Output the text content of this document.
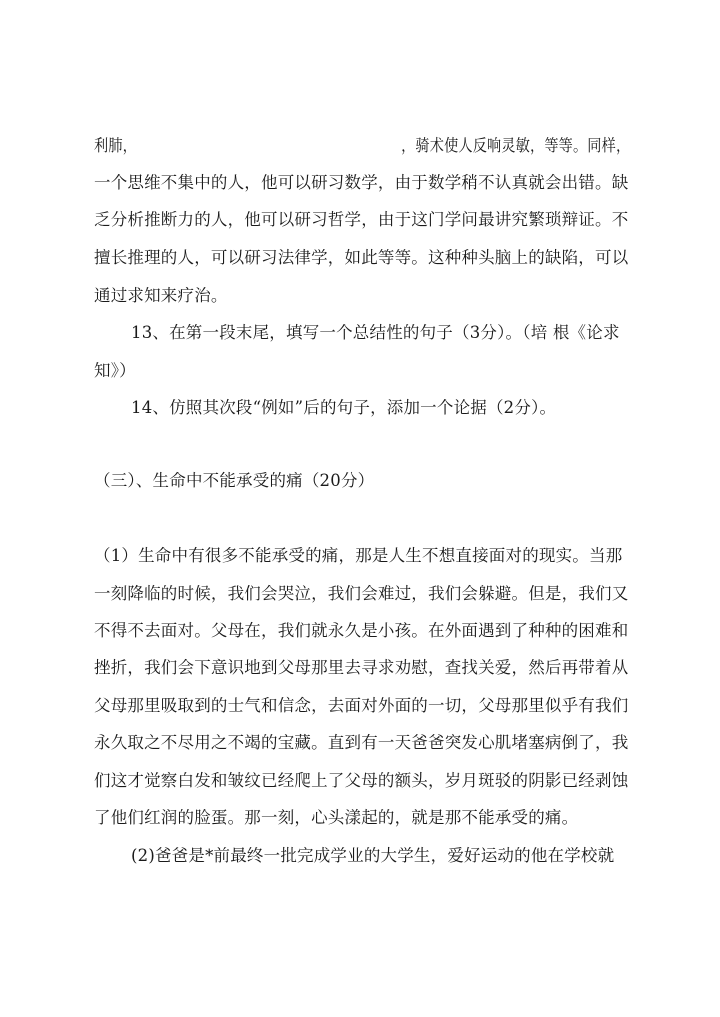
利肺，	，骑术使人反响灵敏，等等。同样，
一个思维不集中的人，他可以研习数学，由于数学稍不认真就会出错。缺
乏分析推断力的人，他可以研习哲学，由于这门学问最讲究繁琐辩证。不
擅长推理的人，可以研习法律学，如此等等。这种种头脑上的缺陷，可以
通过求知来疗治。
13、在第一段末尾，填写一个总结性的句子（3分）。（培 根《论求
知》）
14、仿照其次段“例如”后的句子，添加一个论据（2分）。
（三）、生命中不能承受的痛（20分）
（1）生命中有很多不能承受的痛，那是人生不想直接面对的现实。当那
一刻降临的时候，我们会哭泣，我们会难过，我们会躲避。但是，我们又
不得不去面对。父母在，我们就永久是小孩。在外面遇到了种种的困难和
挫折，我们会下意识地到父母那里去寻求劝慰，查找关爱，然后再带着从
父母那里吸取到的士气和信念，去面对外面的一切，父母那里似乎有我们
永久取之不尽用之不竭的宝藏。直到有一天爸爸突发心肌堵塞病倒了，我
们这才觉察白发和皱纹已经爬上了父母的额头，岁月斑驳的阴影已经剥蚀
了他们红润的脸蛋。那一刻，心头漾起的，就是那不能承受的痛。
(2)爸爸是*前最终一批完成学业的大学生，爱好运动的他在学校就
